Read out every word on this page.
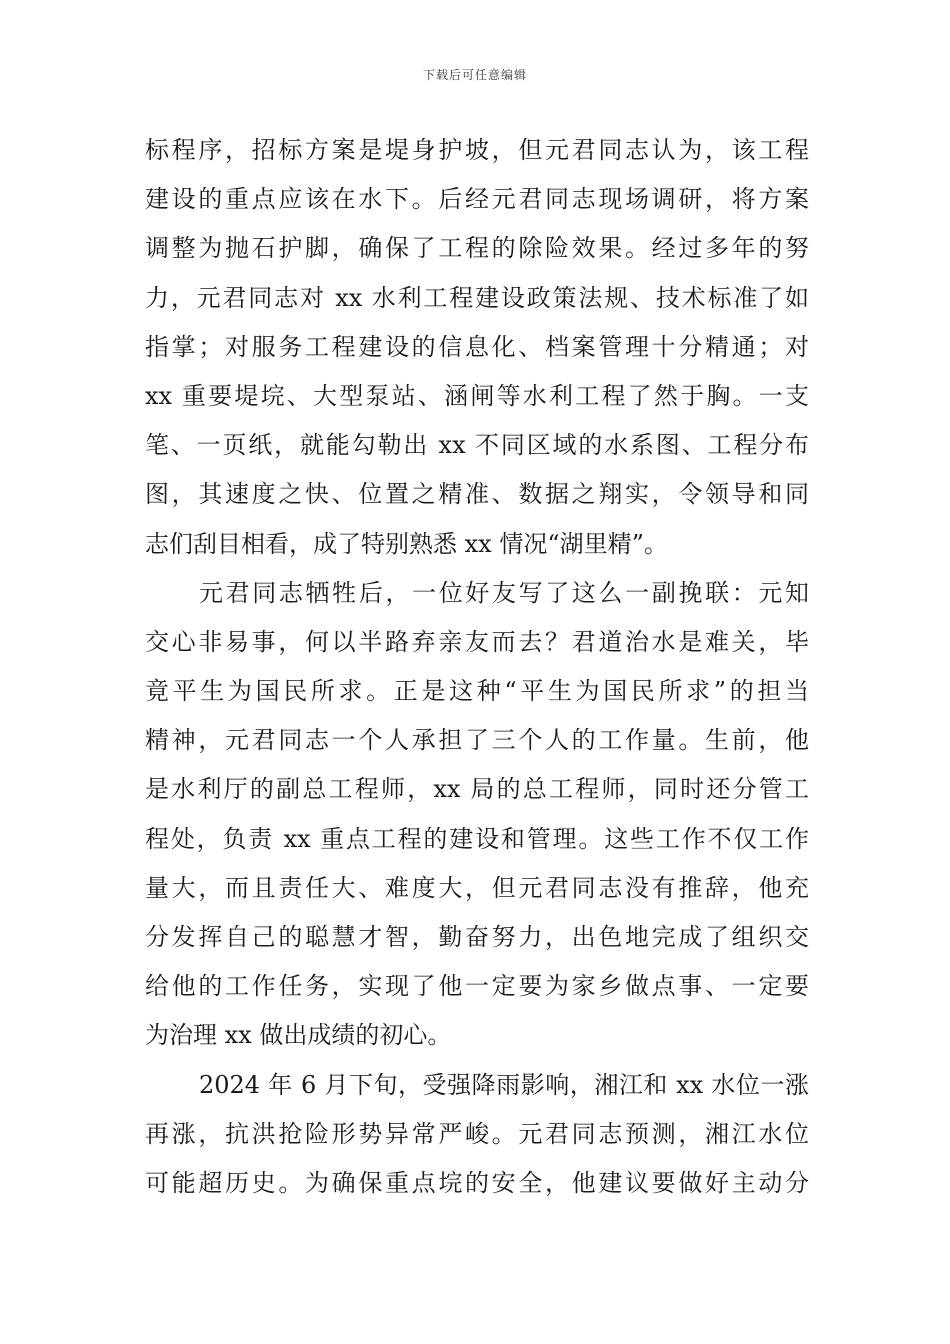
下载后可任意编辑
标程序，招标方案是堤身护坡，但元君同志认为，该工程
建设的重点应该在水下。后经元君同志现场调研，将方案
调整为抛石护脚，确保了工程的除险效果。经过多年的努
力，元君同志对 xx 水利工程建设政策法规、技术标准了如
指掌；对服务工程建设的信息化、档案管理十分精通；对
xx 重要堤垸、大型泵站、涵闸等水利工程了然于胸。一支
笔、一页纸，就能勾勒出 xx 不同区域的水系图、工程分布
图，其速度之快、位置之精准、数据之翔实，令领导和同
志们刮目相看，成了特别熟悉 xx 情况“湖里精”。
元君同志牺牲后，一位好友写了这么一副挽联：元知
交心非易事，何以半路弃亲友而去？君道治水是难关，毕
竟平生为国民所求。正是这种“平生为国民所求”的担当
精神，元君同志一个人承担了三个人的工作量。生前，他
是水利厅的副总工程师，xx 局的总工程师，同时还分管工
程处，负责 xx 重点工程的建设和管理。这些工作不仅工作
量大，而且责任大、难度大，但元君同志没有推辞，他充
分发挥自己的聪慧才智，勤奋努力，出色地完成了组织交
给他的工作任务，实现了他一定要为家乡做点事、一定要
为治理 xx 做出成绩的初心。
2024 年 6 月下旬，受强降雨影响，湘江和 xx 水位一涨
再涨，抗洪抢险形势异常严峻。元君同志预测，湘江水位
可能超历史。为确保重点垸的安全，他建议要做好主动分
